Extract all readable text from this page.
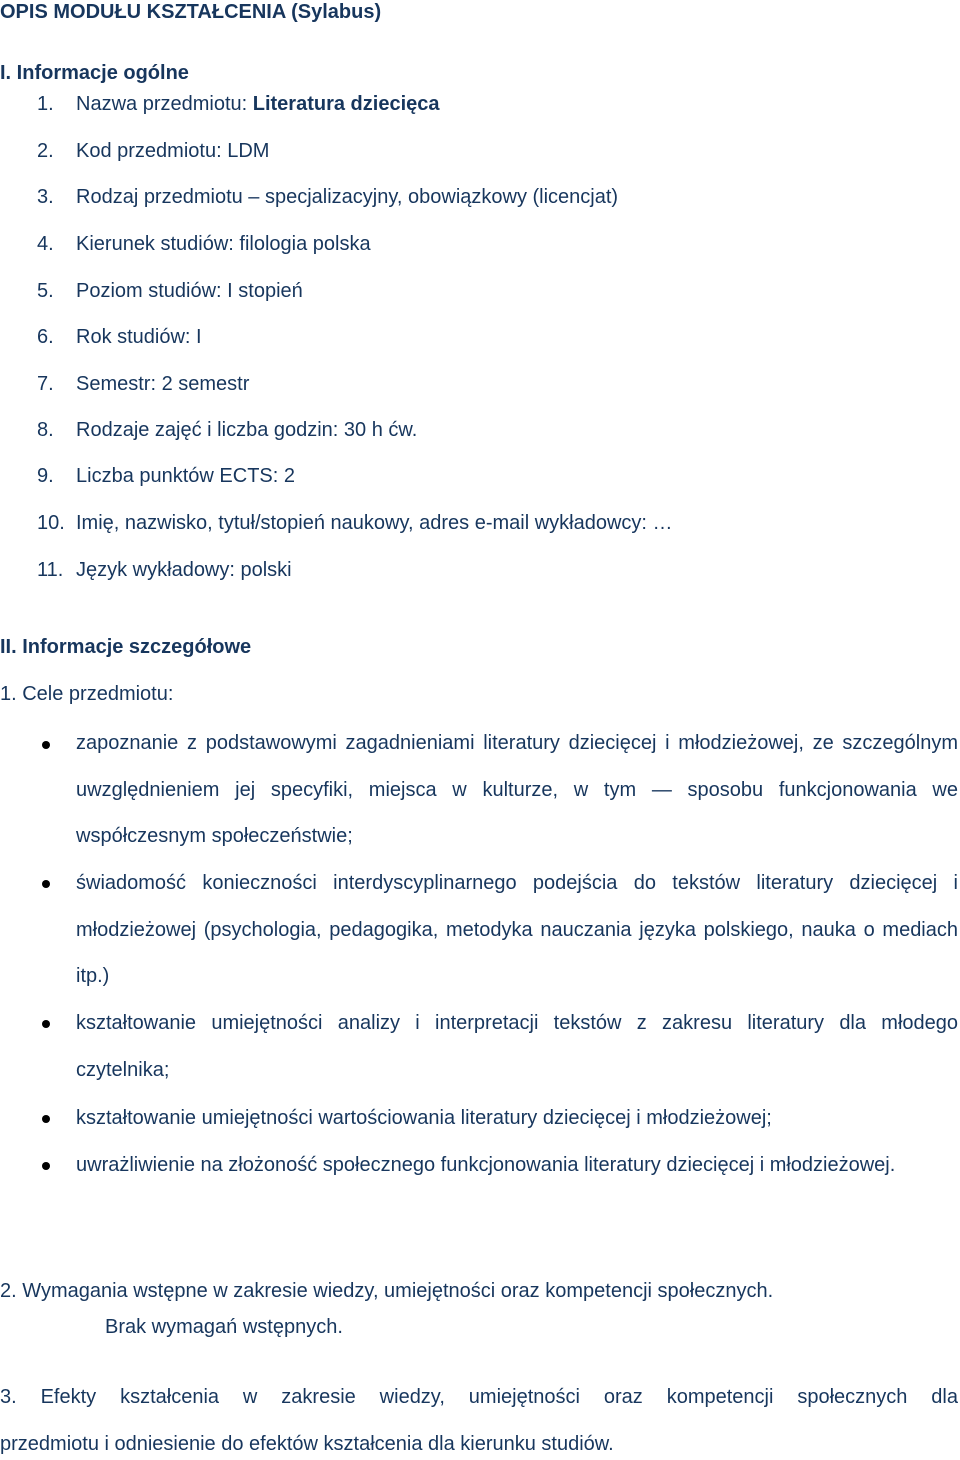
OPIS MODUŁU KSZTAŁCENIA (Sylabus)
I. Informacje ogólne
1.	Nazwa przedmiotu: Literatura dziecięca
2.	Kod przedmiotu: LDM
3.	Rodzaj przedmiotu – specjalizacyjny, obowiązkowy (licencjat)
4.	Kierunek studiów: filologia polska
5.	Poziom studiów: I stopień
6.	Rok studiów: I
7.	Semestr: 2 semestr
8.	Rodzaje zajęć i liczba godzin: 30 h ćw.
9.	Liczba punktów ECTS: 2
10. Imię, nazwisko, tytuł/stopień naukowy, adres e-mail wykładowcy: …
11. Język wykładowy: polski
II. Informacje szczegółowe
1. Cele przedmiotu:
zapoznanie z podstawowymi zagadnieniami literatury dziecięcej i młodzieżowej, ze szczególnym uwzględnieniem jej specyfiki, miejsca w kulturze, w tym — sposobu funkcjonowania we współczesnym społeczeństwie;
świadomość konieczności interdyscyplinarnego podejścia do tekstów literatury dziecięcej i młodzieżowej (psychologia, pedagogika, metodyka nauczania języka polskiego, nauka o mediach itp.)
kształtowanie umiejętności analizy i interpretacji tekstów z zakresu literatury dla młodego czytelnika;
kształtowanie umiejętności wartościowania literatury dziecięcej i młodzieżowej;
uwrażliwienie na złożoność społecznego funkcjonowania literatury dziecięcej i młodzieżowej.
2. Wymagania wstępne w zakresie wiedzy, umiejętności oraz kompetencji społecznych.
Brak wymagań wstępnych.
3. Efekty kształcenia w zakresie wiedzy, umiejętności oraz kompetencji społecznych dla
przedmiotu i odniesienie do efektów kształcenia dla kierunku studiów.
